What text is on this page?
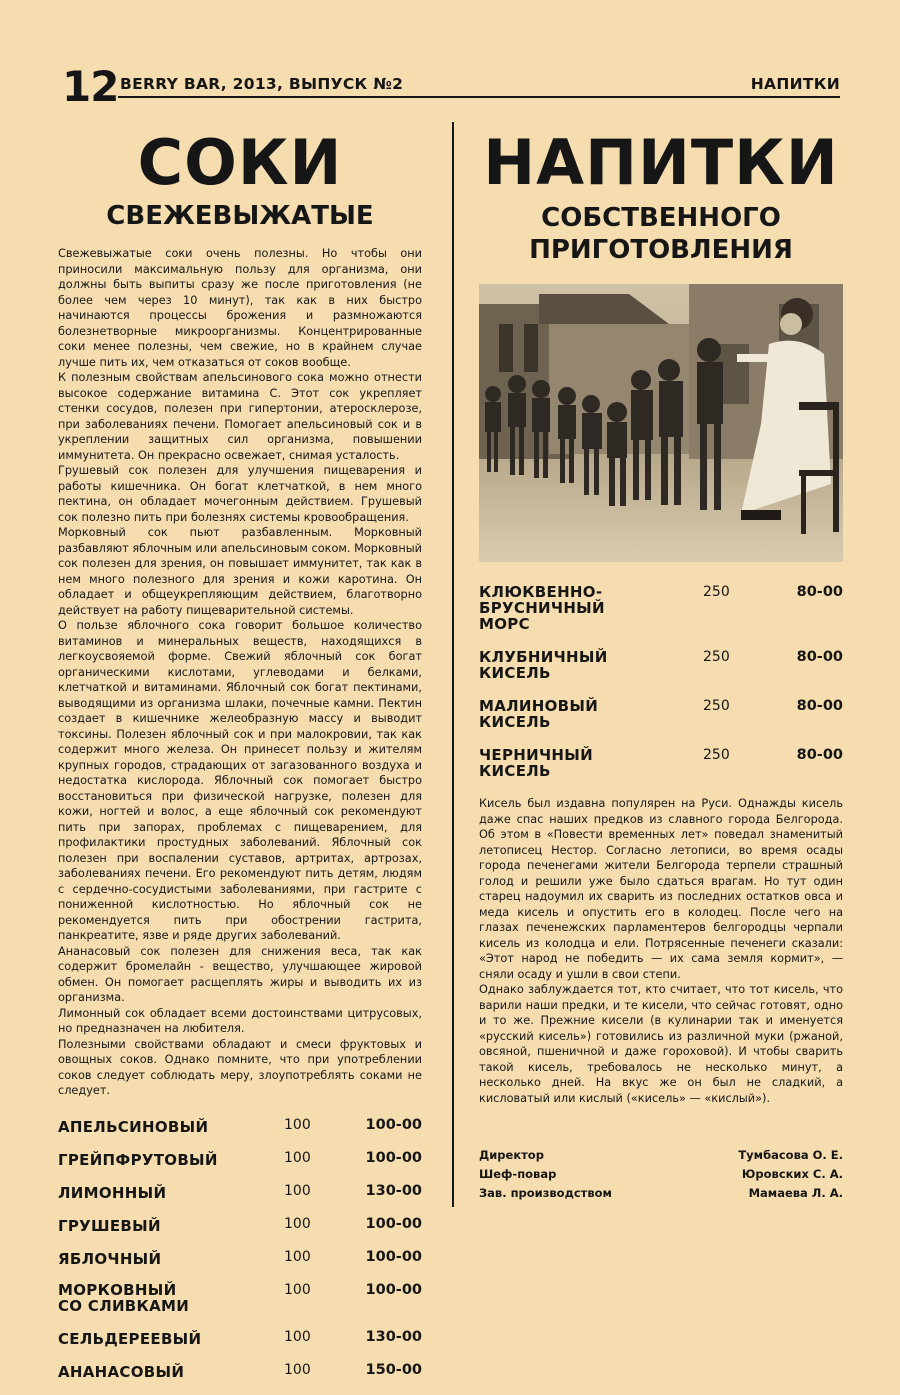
12 BERRY BAR, 2013, ВЫПУСК №2	НАПИТКИ
СОКИ
СВЕЖЕВЫЖАТЫЕ

Свежевыжатые соки очень полезны. Но чтобы они приносили максимальную пользу для организма, они должны быть выпиты сразу же после приготовления (не более чем через 10 минут), так как в них быстро начинаются процессы брожения и размножаются болезнетворные микроорганизмы. Концентрированные соки менее полезны, чем свежие, но в крайнем случае лучше пить их, чем отказаться от соков вообще.

К полезным свойствам апельсинового сока можно отнести высокое содержание витамина С. Этот сок укрепляет стенки сосудов, полезен при гипертонии, атеросклерозе, при заболеваниях печени. Помогает апельсиновый сок и в укреплении защитных сил организма, повышении иммунитета. Он прекрасно освежает, снимая усталость.

Грушевый сок полезен для улучшения пищеварения и работы кишечника. Он богат клетчаткой, в нем много пектина, он обладает мочегонным действием. Грушевый сок полезно пить при болезнях системы кровообращения.

Морковный сок пьют разбавленным. Морковный разбавляют яблочным или апельсиновым соком. Морковный сок полезен для зрения, он повышает иммунитет, так как в нем много полезного для зрения и кожи каротина. Он обладает и общеукрепляющим действием, благотворно действует на работу пищеварительной системы.

О пользе яблочного сока говорит большое количество витаминов и минеральных веществ, находящихся в легкоусвояемой форме. Свежий яблочный сок богат органическими кислотами, углеводами и белками, клетчаткой и витаминами. Яблочный сок богат пектинами, выводящими из организма шлаки, почечные камни. Пектин создает в кишечнике желеобразную массу и выводит токсины. Полезен яблочный сок и при малокровии, так как содержит много железа. Он принесет пользу и жителям крупных городов, страдающих от загазованного воздуха и недостатка кислорода. Яблочный сок помогает быстро восстановиться при физической нагрузке, полезен для кожи, ногтей и волос, а еще яблочный сок рекомендуют пить при запорах, проблемах с пищеварением, для профилактики простудных заболеваний. Яблочный сок полезен при воспалении суставов, артритах, артрозах, заболеваниях печени. Его рекомендуют пить детям, людям с сердечно-сосудистыми заболеваниями, при гастрите с пониженной кислотностью. Но яблочный сок не рекомендуется пить при обострении гастрита, панкреатите, язве и ряде других заболеваний.

Ананасовый сок полезен для снижения веса, так как содержит бромелайн - вещество, улучшающее жировой обмен. Он помогает расщеплять жиры и выводить их из организма.

Лимонный сок обладает всеми достоинствами цитрусовых, но предназначен на любителя.

Полезными свойствами обладают и смеси фруктовых и овощных соков. Однако помните, что при употреблении соков следует соблюдать меру, злоупотреблять соками не следует.

АПЕЛЬСИНОВЫЙ	100	100-00
ГРЕЙПФРУТОВЫЙ	100	100-00
ЛИМОННЫЙ	100	130-00
ГРУШЕВЫЙ	100	100-00
ЯБЛОЧНЫЙ	100	100-00
МОРКОВНЫЙ
СО СЛИВКАМИ
100	100-00
СЕЛЬДЕРЕЕВЫЙ	100	130-00
АНАНАСОВЫЙ	100	150-00
НАПИТКИ
СОБСТВЕННОГО ПРИГОТОВЛЕНИЯ
КЛЮКВЕННО-
БРУСНИЧНЫЙ
МОРС
250	80-00
КЛУБНИЧНЫЙ
КИСЕЛЬ
250	80-00
МАЛИНОВЫЙ
КИСЕЛЬ
250	80-00
ЧЕРНИЧНЫЙ
КИСЕЛЬ
250	80-00

Кисель был издавна популярен на Руси. Однажды кисель даже спас наших предков из славного города Белгорода. Об этом в «Повести временных лет» поведал знаменитый летописец Нестор. Согласно летописи, во время осады города печенегами жители Белгорода терпели страшный голод и решили уже было сдаться врагам. Но тут один старец надоумил их сварить из последних остатков овса и меда кисель и опустить его в колодец. После чего на глазах печенежских парламентеров белгородцы черпали кисель из колодца и ели. Потрясенные печенеги сказали: «Этот народ не победить — их сама земля кормит», — сняли осаду и ушли в свои степи.

Однако заблуждается тот, кто считает, что тот кисель, что варили наши предки, и те кисели, что сейчас готовят, одно и то же. Прежние кисели (в кулинарии так и именуется «русский кисель») готовились из различной муки (ржаной, овсяной, пшеничной и даже гороховой). И чтобы сварить такой кисель, требовалось не несколько минут, а несколько дней. На вкус же он был не сладкий, а кисловатый или кислый («кисель» — «кислый»).

Директор	Тумбасова О. Е.
Шеф-повар	Юровских С. А.
Зав. производством	Мамаева Л. А.
